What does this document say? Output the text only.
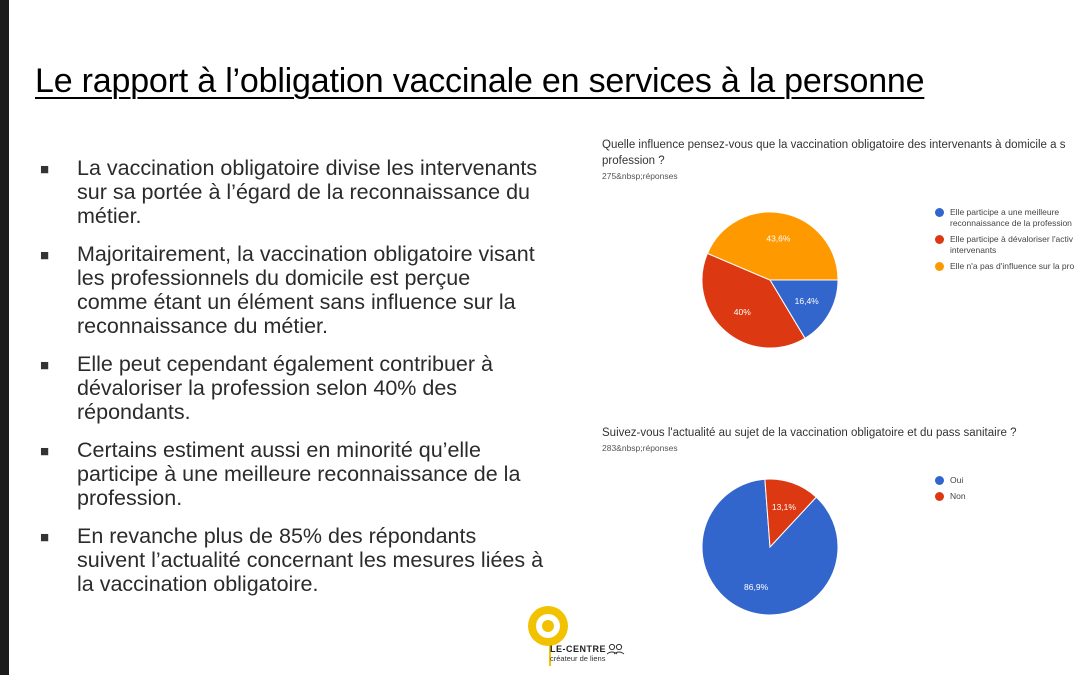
Le rapport à l’obligation vaccinale en services à la personne
■	La vaccination obligatoire divise les intervenants sur sa portée à l’égard de la reconnaissance du métier.
■	Majoritairement, la vaccination obligatoire visant les professionnels du domicile est perçue comme étant un élément sans influence sur la reconnaissance du métier.
■	Elle peut cependant également contribuer à dévaloriser la profession selon 40% des répondants.
■	Certains estiment aussi en minorité qu’elle participe à une meilleure reconnaissance de la profession.
■	En revanche plus de 85% des répondants suivent l’actualité concernant les mesures liées à la vaccination obligatoire.
Quelle influence pensez-vous que la vaccination obligatoire des intervenants à domicile a s profession ?
275&nbsp;réponses
16,4%
40%
43,6%
Elle participe a une meilleure reconnaissance de la profession
Elle participe à dévaloriser l'activ intervenants
Elle n'a pas d'influence sur la pro
Suivez-vous l'actualité au sujet de la vaccination obligatoire et du pass sanitaire ?
283&nbsp;réponses
86,9%
13,1%
Oui
Non
LE-CENTRE
créateur de liens
